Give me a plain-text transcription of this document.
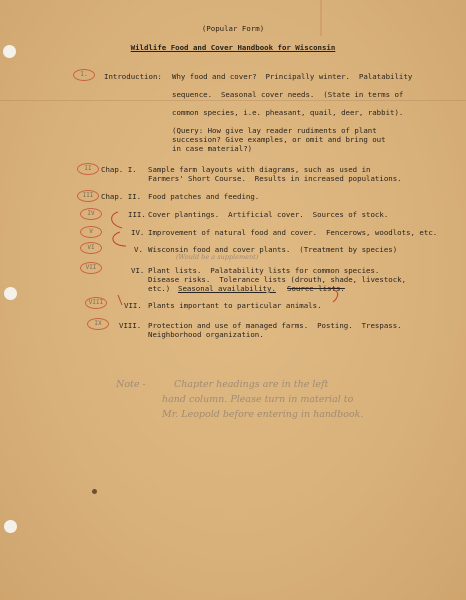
(Popular Form)
Wildlife Food and Cover Handbook for Wisconsin
I.
II
III
IV
V
VI
VII
VIII
IX
Introduction: Why food and cover?  Principally winter.  Palatability
sequence.  Seasonal cover needs.  (State in terms of
common species, i.e. pheasant, quail, deer, rabbit).
(Query: How give lay reader rudiments of plant
succession? Give examples, or omit and bring out
in case material?)
Chap. I. Sample farm layouts with diagrams, such as used in
Farmers' Short Course.  Results in increased populations.
Chap. II. Food patches and feeding.
III. Cover plantings.  Artificial cover.  Sources of stock.
IV. Improvement of natural food and cover.  Fencerows, woodlots, etc.
V. Wisconsin food and cover plants.  (Treatment by species)
(Would be a supplement)
VI. Plant lists.  Palatability lists for common species.
Disease risks.  Tolerance lists (drouth, shade, livestock,
etc.) Seasonal availability. Source lists.
VII. Plants important to particular animals.
VIII. Protection and use of managed farms.  Posting.  Trespass.
Neighborhood organization.
Note -	Chapter headings are in the left
hand column. Please turn in material to
Mr. Leopold before entering in handbook.
